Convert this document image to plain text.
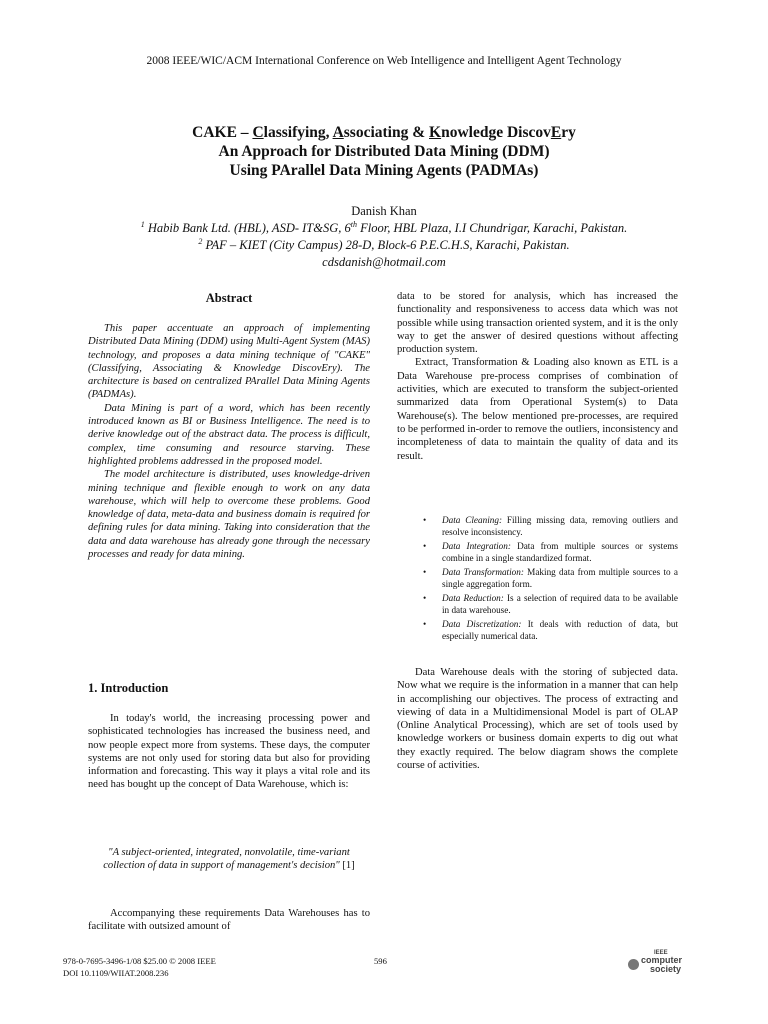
2008 IEEE/WIC/ACM International Conference on Web Intelligence and Intelligent Agent Technology
CAKE – Classifying, Associating & Knowledge DiscovEry
An Approach for Distributed Data Mining (DDM)
Using PArallel Data Mining Agents (PADMAs)
Danish Khan
$^1$ Habib Bank Ltd. (HBL), ASD- IT&SG, 6th Floor, HBL Plaza, I.I Chundrigar, Karachi, Pakistan.
$^2$ PAF – KIET (City Campus) 28-D, Block-6 P.E.C.H.S, Karachi, Pakistan.
cdsdanish@hotmail.com
Abstract

This paper accentuate an approach of implementing Distributed Data Mining (DDM) using Multi-Agent System (MAS) technology, and proposes a data mining technique of "CAKE" (Classifying, Associating & Knowledge DiscovEry). The architecture is based on centralized PArallel Data Mining Agents (PADMAs).

Data Mining is part of a word, which has been recently introduced known as BI or Business Intelligence. The need is to derive knowledge out of the abstract data. The process is difficult, complex, time consuming and resource starving. These highlighted problems addressed in the proposed model.

The model architecture is distributed, uses knowledge-driven mining technique and flexible enough to work on any data warehouse, which will help to overcome these problems. Good knowledge of data, meta-data and business domain is required for defining rules for data mining. Taking into consideration that the data and data warehouse has already gone through the necessary processes and ready for data mining.

1. Introduction

In today's world, the increasing processing power and sophisticated technologies has increased the business need, and now people expect more from systems. These days, the computer systems are not only used for storing data but also for providing information and forecasting. This way it plays a vital role and its need has bought up the concept of Data Warehouse, which is:

"A subject-oriented, integrated, nonvolatile, time-variant collection of data in support of management's decision" [1]

Accompanying these requirements Data Warehouses has to facilitate with outsized amount of

data to be stored for analysis, which has increased the functionality and responsiveness to access data which was not possible while using transaction oriented system, and it is the only way to get the answer of desired questions without affecting production system.

Extract, Transformation & Loading also known as ETL is a Data Warehouse pre-process comprises of combination of activities, which are executed to transform the subject-oriented summarized data from Operational System(s) to Data Warehouse(s). The below mentioned pre-processes, are required to be performed in-order to remove the outliers, inconsistency and incompleteness of data to maintain the quality of data and its result.

• Data Cleaning: Filling missing data, removing outliers and resolve inconsistency.
• Data Integration: Data from multiple sources or systems combine in a single standardized format.
• Data Transformation: Making data from multiple sources to a single aggregation form.
• Data Reduction: Is a selection of required data to be available in data warehouse.
• Data Discretization: It deals with reduction of data, but especially numerical data.

Data Warehouse deals with the storing of subjected data. Now what we require is the information in a manner that can help in accomplishing our objectives. The process of extracting and viewing of data in a Multidimensional Model is part of OLAP (Online Analytical Processing), which are set of tools used by knowledge workers or business domain experts to dig out what they exactly required. The below diagram shows the complete course of activities.

978-0-7695-3496-1/08 $25.00 © 2008 IEEE
DOI 10.1109/WIIAT.2008.236
596
IEEE
computer
society
